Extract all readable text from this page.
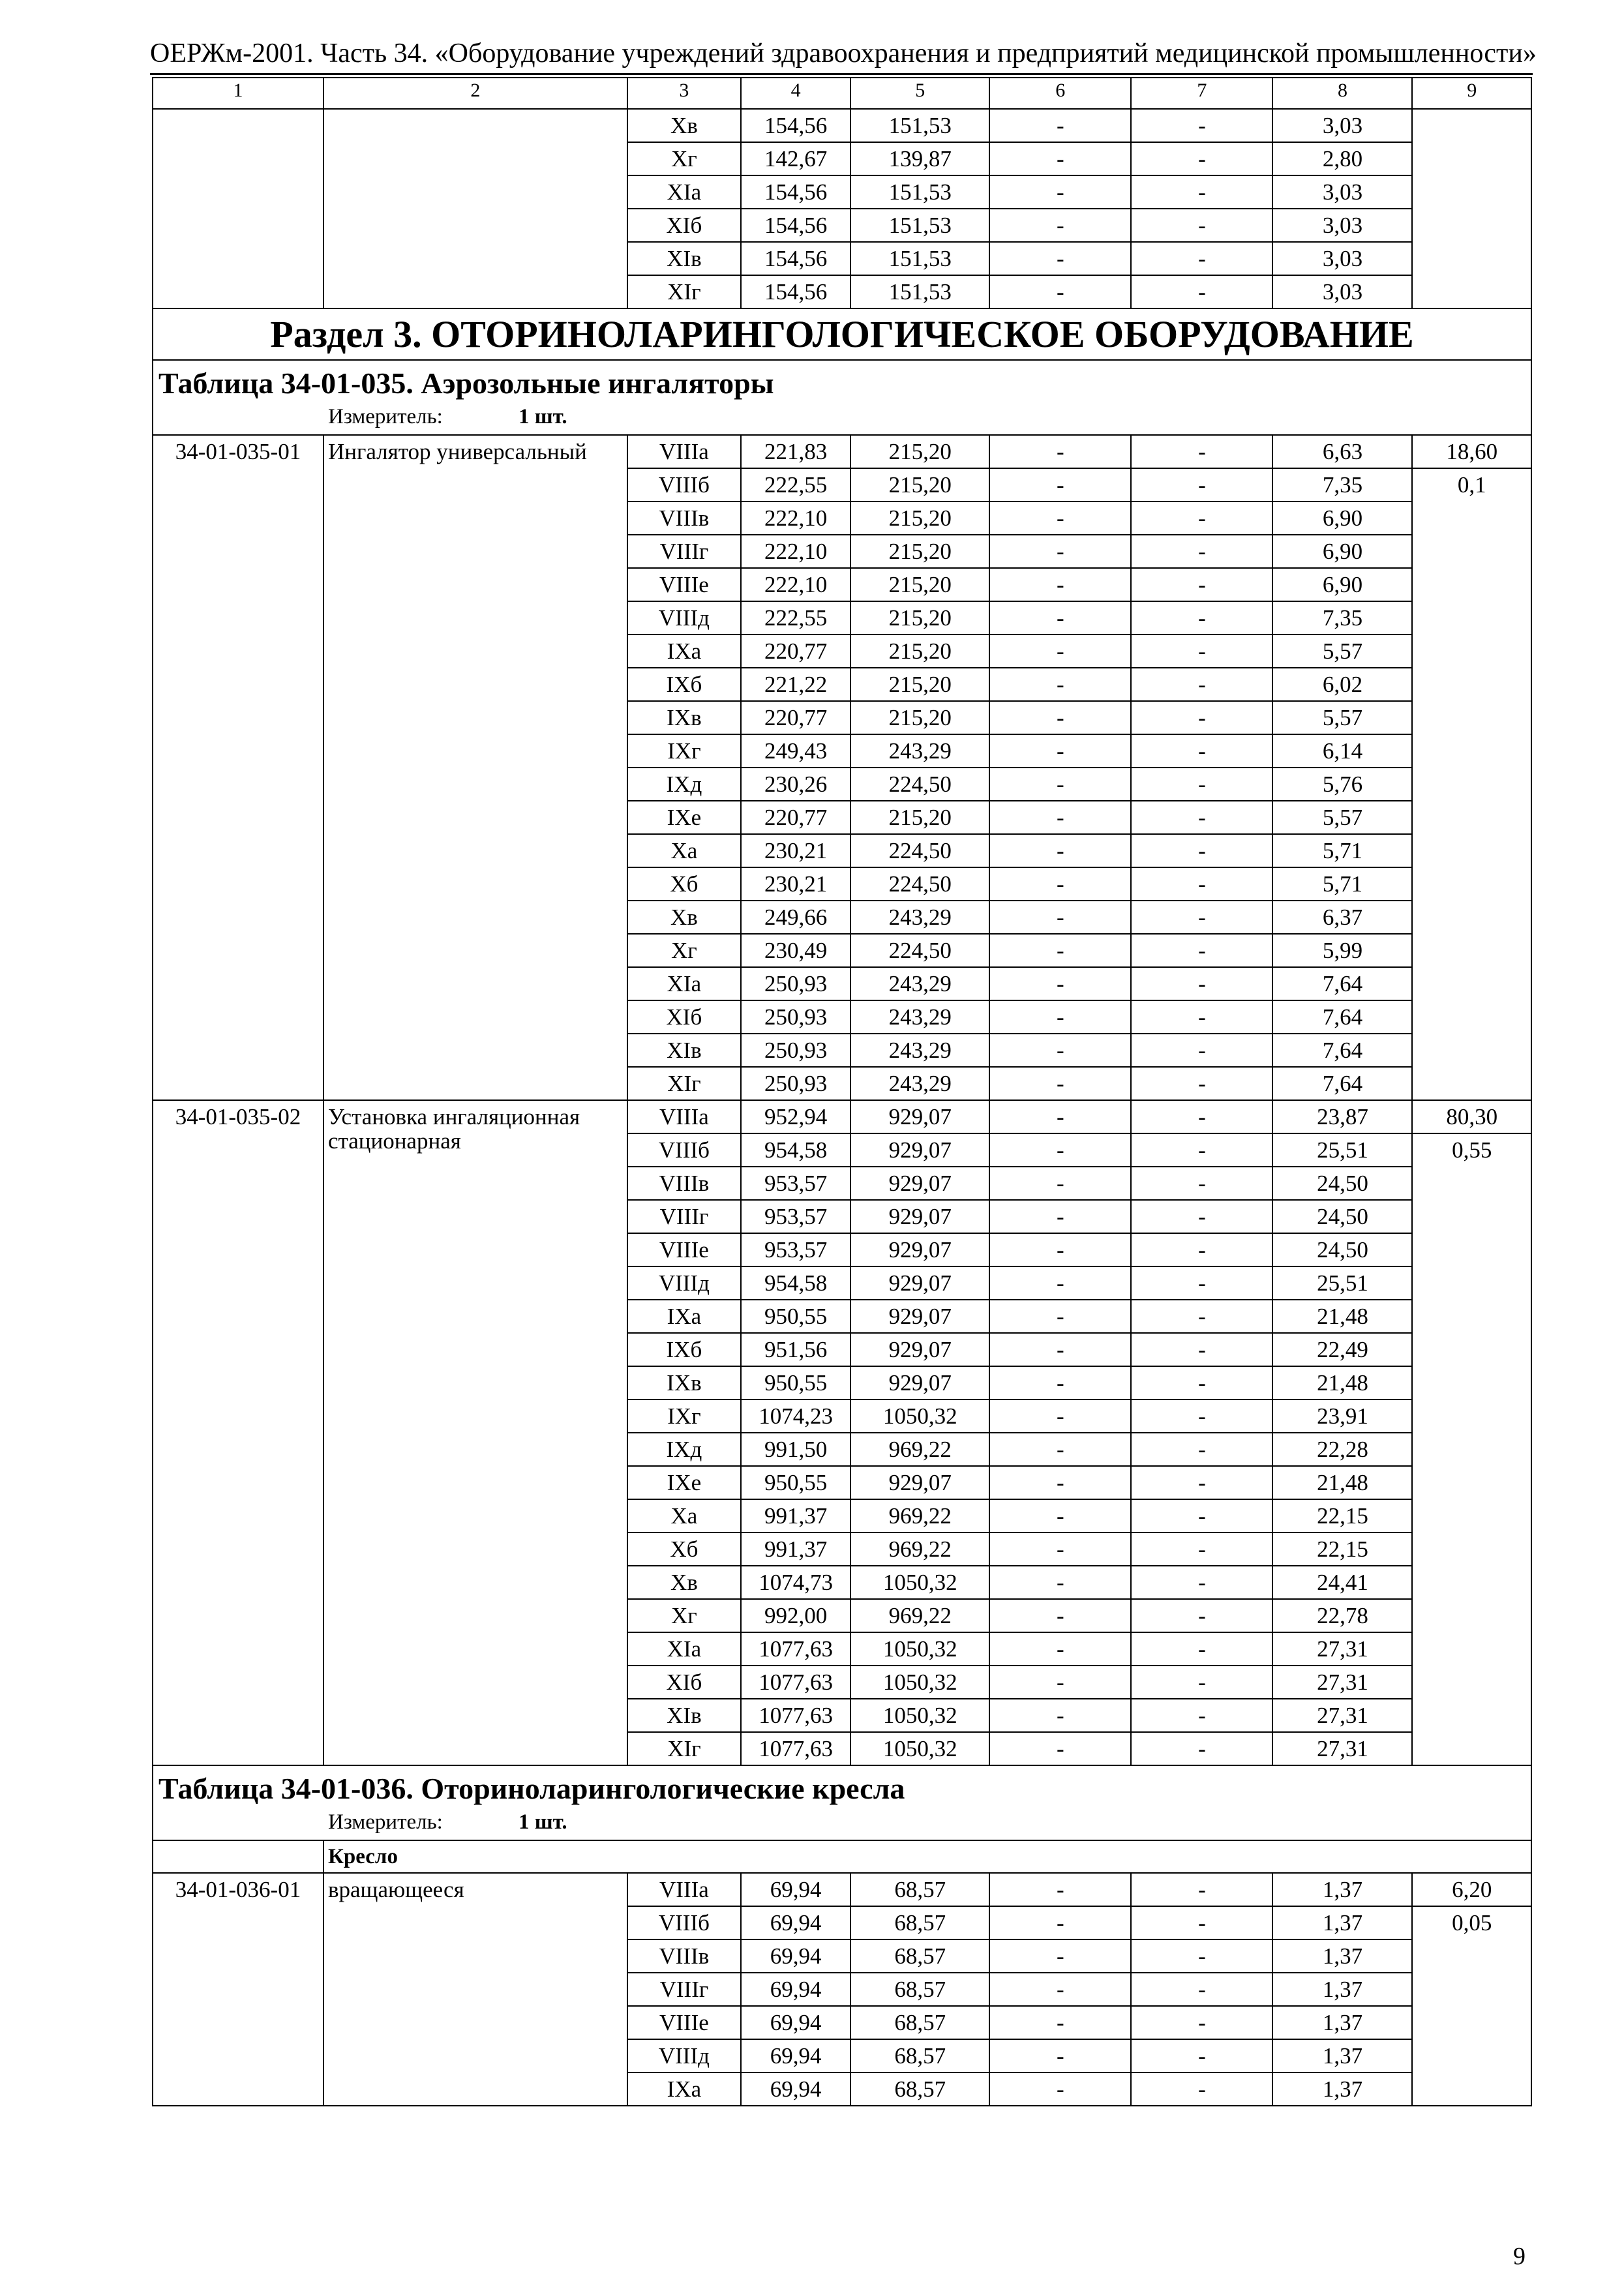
ОЕРЖм-2001. Часть 34. «Оборудование учреждений здравоохранения и предприятий медицинской промышленности»
1	2	3	4	5	6	7	8	9
		Xв	154,56	151,53	-	-	3,03	
		Xг	142,67	139,87	-	-	2,80	
		XIa	154,56	151,53	-	-	3,03	
		XIб	154,56	151,53	-	-	3,03	
		XIв	154,56	151,53	-	-	3,03	
		XIг	154,56	151,53	-	-	3,03	
Раздел 3. ОТОРИНОЛАРИНГОЛОГИЧЕСКОЕ ОБОРУДОВАНИЕ								

Таблица 34-01-035. Аэрозольные ингаляторы
Измеритель: 1 шт.								

34-01-035-01	Ингалятор универсальный	VIIIa	221,83	215,20	-	-	6,63	18,60
		VIIIб	222,55	215,20	-	-	7,35	0,1
		VIIIв	222,10	215,20	-	-	6,90	
		VIIIг	222,10	215,20	-	-	6,90	
		VIIIe	222,10	215,20	-	-	6,90	
		VIIIд	222,55	215,20	-	-	7,35	
		IXa	220,77	215,20	-	-	5,57	
		IXб	221,22	215,20	-	-	6,02	
		IXв	220,77	215,20	-	-	5,57	
		IXг	249,43	243,29	-	-	6,14	
		IXд	230,26	224,50	-	-	5,76	
		IXe	220,77	215,20	-	-	5,57	
		Xa	230,21	224,50	-	-	5,71	
		Xб	230,21	224,50	-	-	5,71	
		Xв	249,66	243,29	-	-	6,37	
		Xг	230,49	224,50	-	-	5,99	
		XIa	250,93	243,29	-	-	7,64	
		XIб	250,93	243,29	-	-	7,64	
		XIв	250,93	243,29	-	-	7,64	
		XIг	250,93	243,29	-	-	7,64	
34-01-035-02	Установка ингаляционная стационарная	VIIIa	952,94	929,07	-	-	23,87	80,30
		VIIIб	954,58	929,07	-	-	25,51	0,55
		VIIIв	953,57	929,07	-	-	24,50	
		VIIIг	953,57	929,07	-	-	24,50	
		VIIIe	953,57	929,07	-	-	24,50	
		VIIIд	954,58	929,07	-	-	25,51	
		IXa	950,55	929,07	-	-	21,48	
		IXб	951,56	929,07	-	-	22,49	
		IXв	950,55	929,07	-	-	21,48	
		IXг	1074,23	1050,32	-	-	23,91	
		IXд	991,50	969,22	-	-	22,28	
		IXe	950,55	929,07	-	-	21,48	
		Xa	991,37	969,22	-	-	22,15	
		Xб	991,37	969,22	-	-	22,15	
		Xв	1074,73	1050,32	-	-	24,41	
		Xг	992,00	969,22	-	-	22,78	
		XIa	1077,63	1050,32	-	-	27,31	
		XIб	1077,63	1050,32	-	-	27,31	
		XIв	1077,63	1050,32	-	-	27,31	
		XIг	1077,63	1050,32	-	-	27,31	

Таблица 34-01-036. Оториноларингологические кресла
Измеритель: 1 шт.								

	Кресло							
34-01-036-01	вращающееся	VIIIa	69,94	68,57	-	-	1,37	6,20
		VIIIб	69,94	68,57	-	-	1,37	0,05
		VIIIв	69,94	68,57	-	-	1,37	
		VIIIг	69,94	68,57	-	-	1,37	
		VIIIe	69,94	68,57	-	-	1,37	
		VIIIд	69,94	68,57	-	-	1,37	
		IXa	69,94	68,57	-	-	1,37	
9
